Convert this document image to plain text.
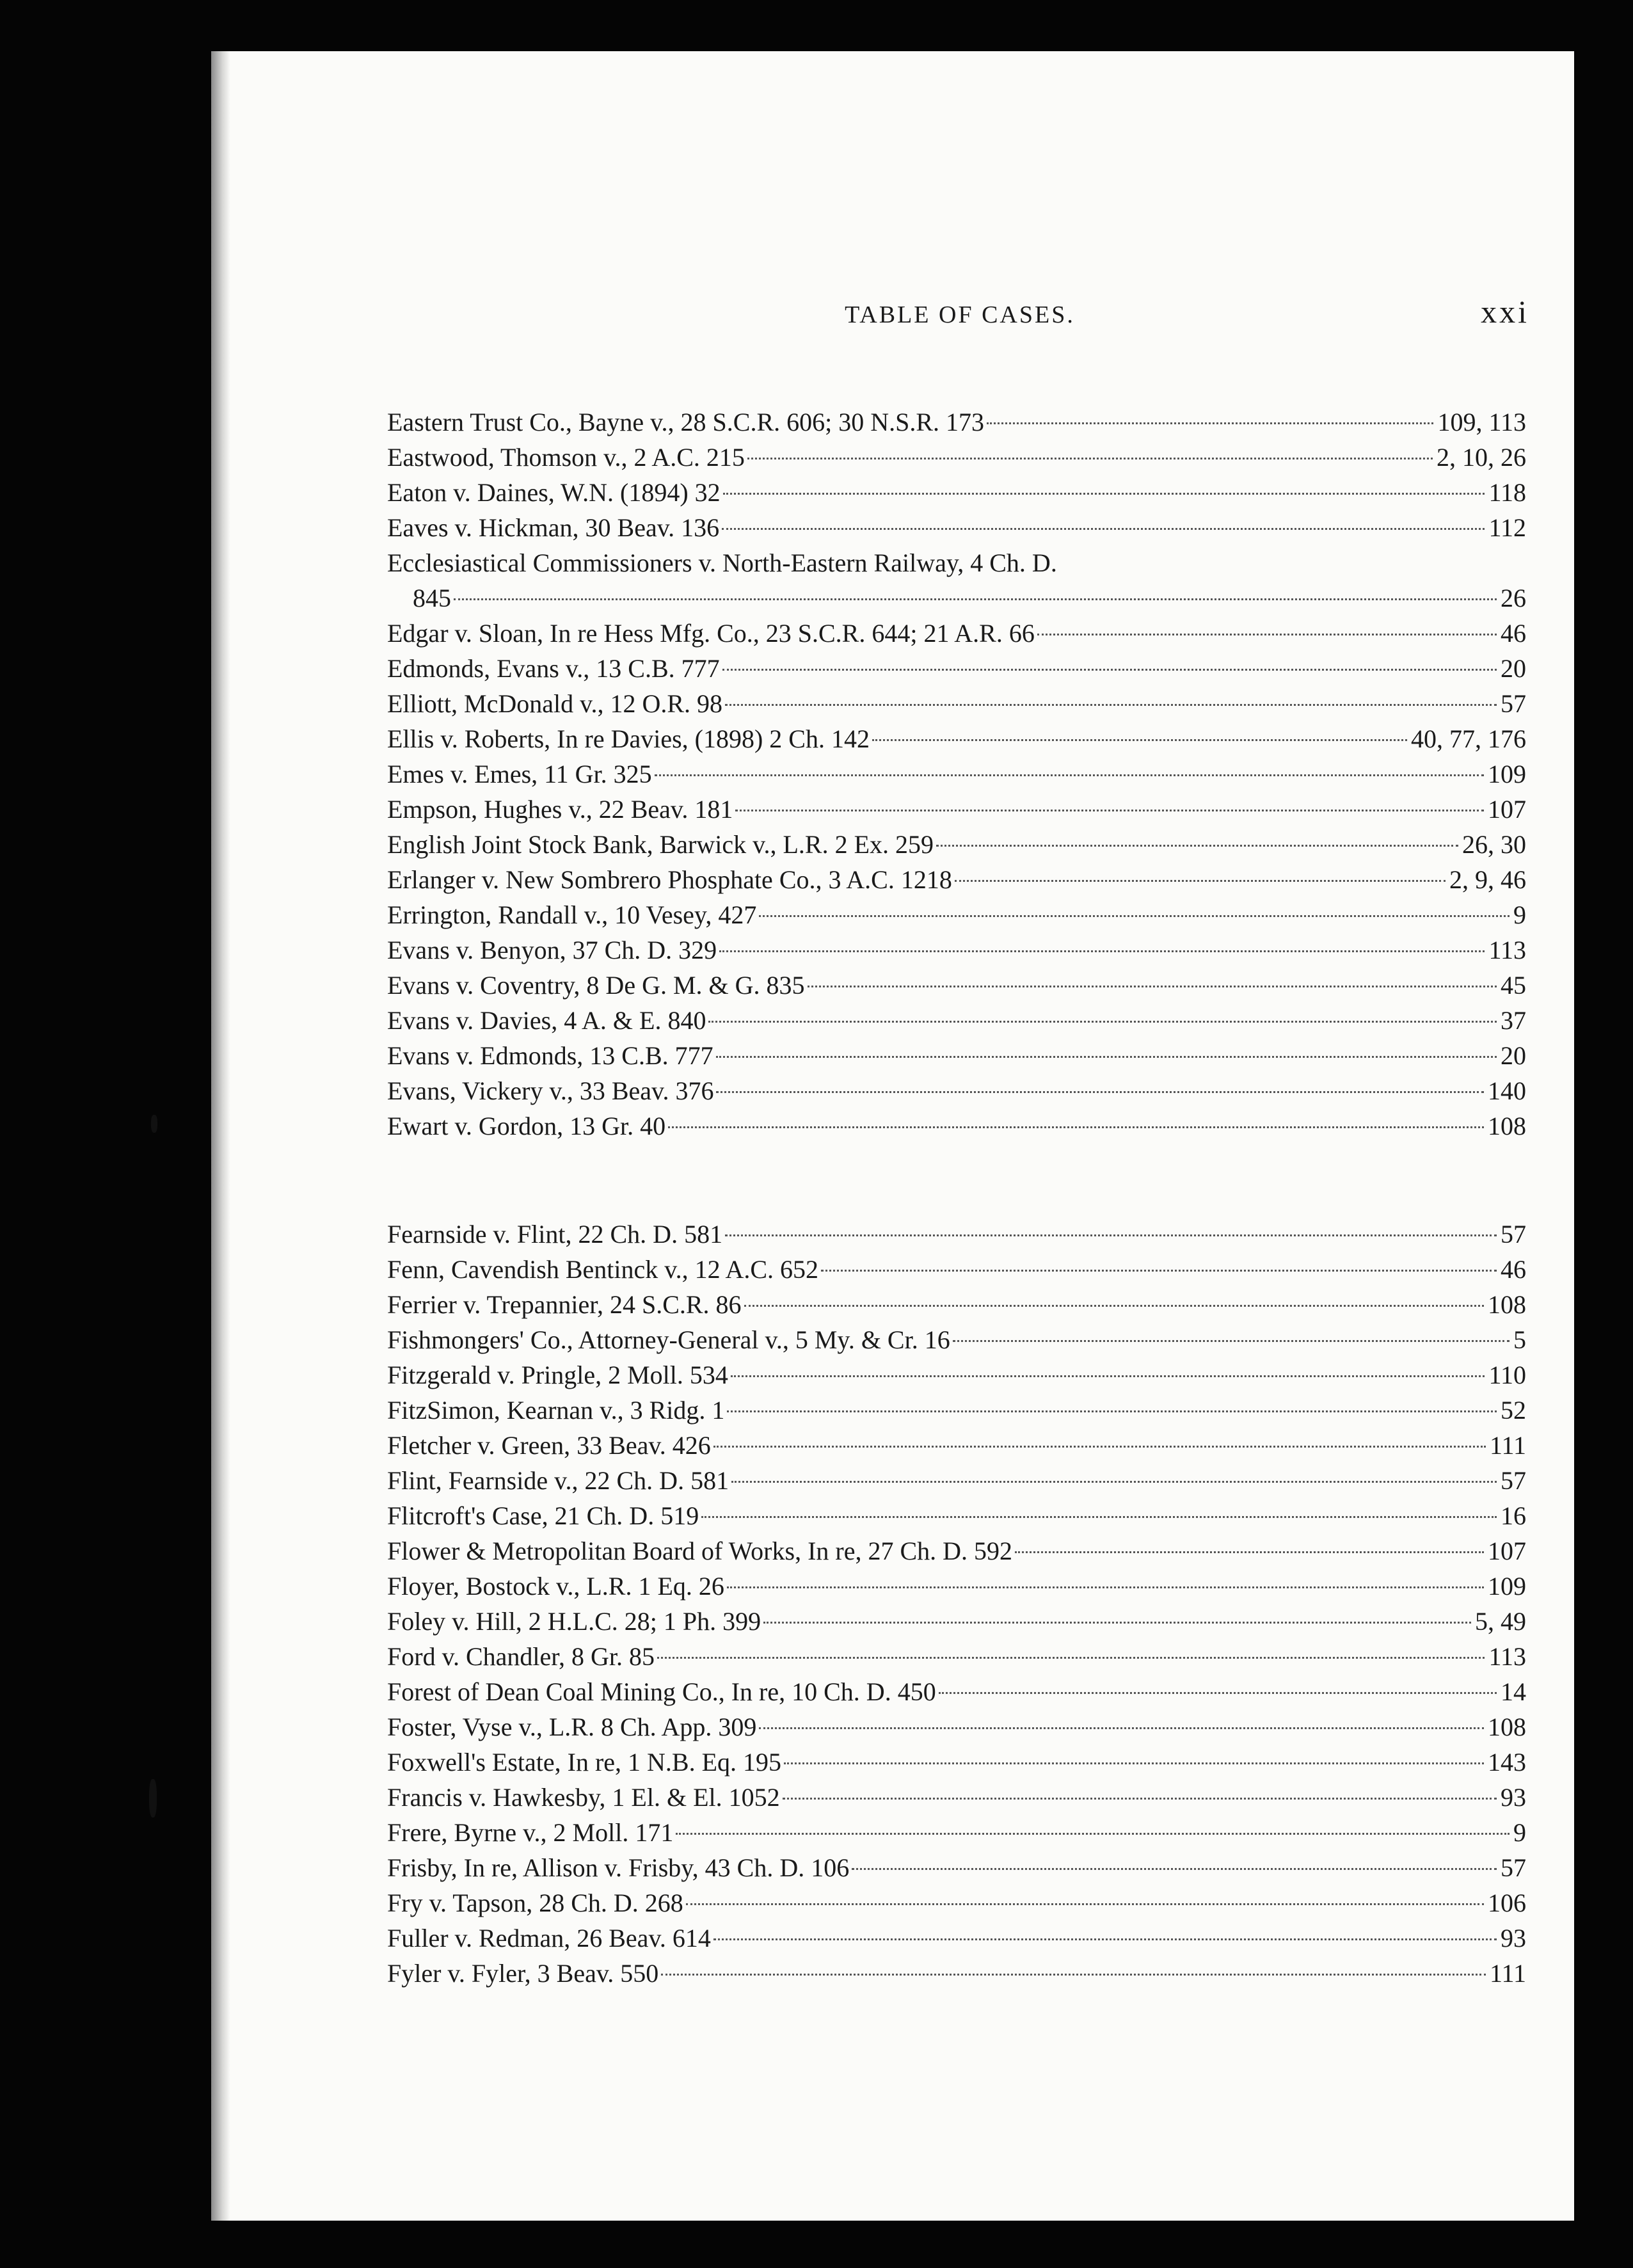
TABLE OF CASES.	xxi
Eastern Trust Co., Bayne v., 28 S.C.R. 606; 30 N.S.R. 173	109, 113
Eastwood, Thomson v., 2 A.C. 215	2, 10, 26
Eaton v. Daines, W.N. (1894) 32	118
Eaves v. Hickman, 30 Beav. 136	112
Ecclesiastical Commissioners v. North-Eastern Railway, 4 Ch. D.
845	26
Edgar v. Sloan, In re Hess Mfg. Co., 23 S.C.R. 644; 21 A.R. 66	46
Edmonds, Evans v., 13 C.B. 777	20
Elliott, McDonald v., 12 O.R. 98	57
Ellis v. Roberts, In re Davies, (1898) 2 Ch. 142	40, 77, 176
Emes v. Emes, 11 Gr. 325	109
Empson, Hughes v., 22 Beav. 181	107
English Joint Stock Bank, Barwick v., L.R. 2 Ex. 259	26, 30
Erlanger v. New Sombrero Phosphate Co., 3 A.C. 1218	2, 9, 46
Errington, Randall v., 10 Vesey, 427	9
Evans v. Benyon, 37 Ch. D. 329	113
Evans v. Coventry, 8 De G. M. & G. 835	45
Evans v. Davies, 4 A. & E. 840	37
Evans v. Edmonds, 13 C.B. 777	20
Evans, Vickery v., 33 Beav. 376	140
Ewart v. Gordon, 13 Gr. 40	108
Fearnside v. Flint, 22 Ch. D. 581	57
Fenn, Cavendish Bentinck v., 12 A.C. 652	46
Ferrier v. Trepannier, 24 S.C.R. 86	108
Fishmongers' Co., Attorney-General v., 5 My. & Cr. 16	5
Fitzgerald v. Pringle, 2 Moll. 534	110
FitzSimon, Kearnan v., 3 Ridg. 1	52
Fletcher v. Green, 33 Beav. 426	111
Flint, Fearnside v., 22 Ch. D. 581	57
Flitcroft's Case, 21 Ch. D. 519	16
Flower & Metropolitan Board of Works, In re, 27 Ch. D. 592	107
Floyer, Bostock v., L.R. 1 Eq. 26	109
Foley v. Hill, 2 H.L.C. 28; 1 Ph. 399	5, 49
Ford v. Chandler, 8 Gr. 85	113
Forest of Dean Coal Mining Co., In re, 10 Ch. D. 450	14
Foster, Vyse v., L.R. 8 Ch. App. 309	108
Foxwell's Estate, In re, 1 N.B. Eq. 195	143
Francis v. Hawkesby, 1 El. & El. 1052	93
Frere, Byrne v., 2 Moll. 171	9
Frisby, In re, Allison v. Frisby, 43 Ch. D. 106	57
Fry v. Tapson, 28 Ch. D. 268	106
Fuller v. Redman, 26 Beav. 614	93
Fyler v. Fyler, 3 Beav. 550	111
